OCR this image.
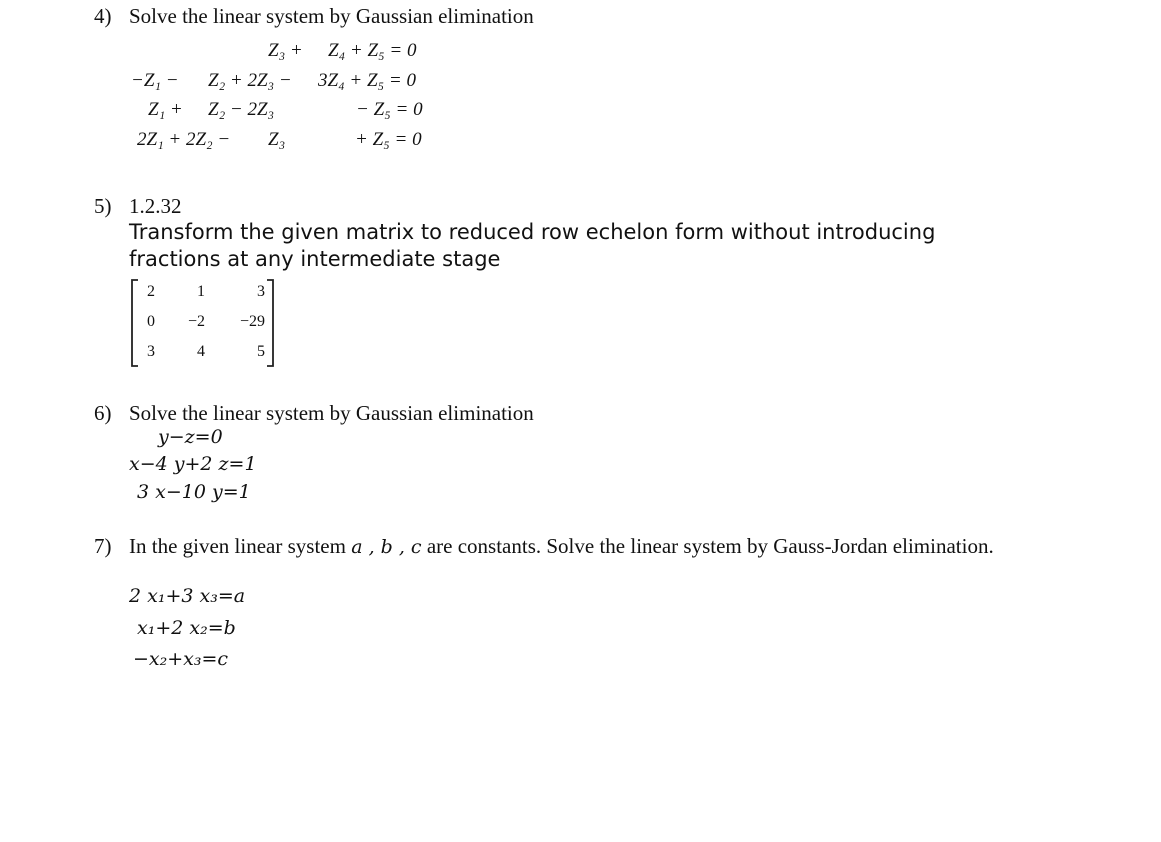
4) Solve the linear system by Gaussian elimination
Z₃ + Z₄ + Z₅ = 0
−Z₁ − Z₂ + 2Z₃ − 3Z₄ + Z₅ = 0
Z₁ + Z₂ − 2Z₃	− Z₅ = 0
2Z₁ + 2Z₂ − Z₃	+ Z₅ = 0
5) 1.2.32
Transform the given matrix to reduced row echelon form without introducing
fractions at any intermediate stage
2	1	3
0	−2	−29
3	4	5
6) Solve the linear system by Gaussian elimination
y−z=0
x−4 y+2 z=1
3 x−10 y=1
7) In the given linear system a , b , c are constants. Solve the linear system by Gauss-Jordan elimination.
2 x₁+3 x₃=a
x₁+2 x₂=b
−x₂+x₃=c
